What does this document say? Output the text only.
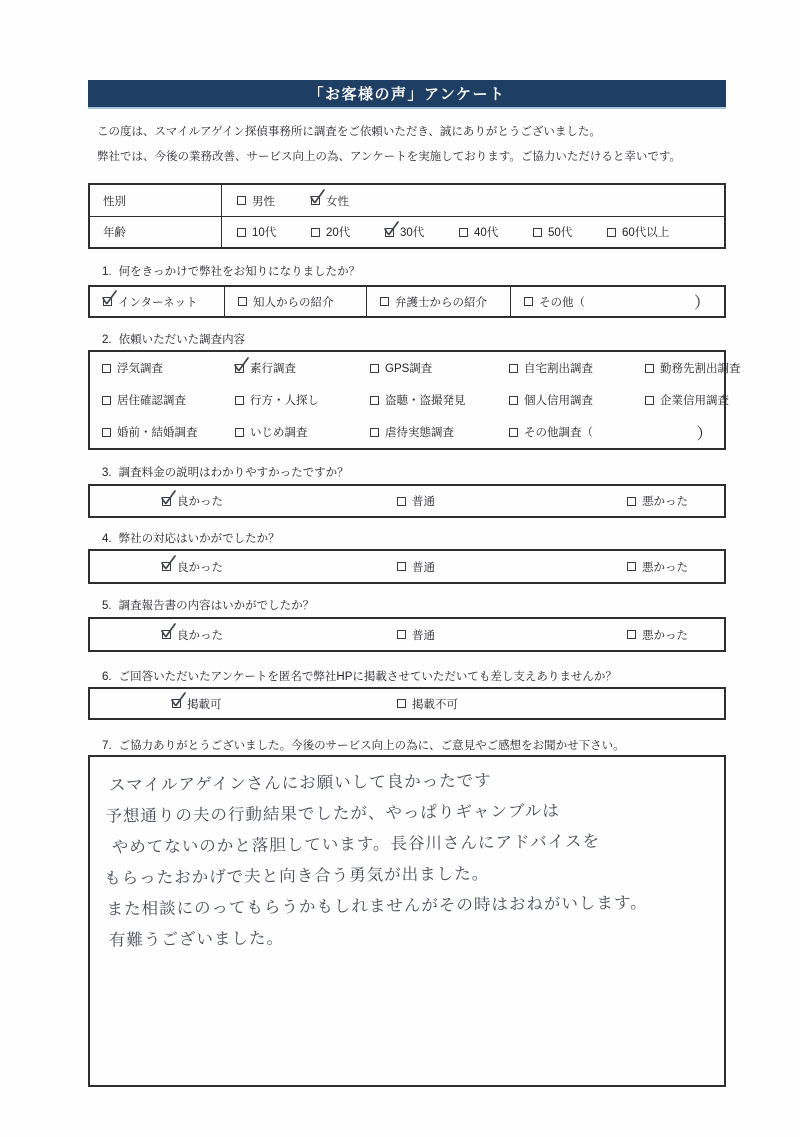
「お客様の声」アンケート
この度は、スマイルアゲイン探偵事務所に調査をご依頼いただき、誠にありがとうございました。
弊社では、今後の業務改善、サービス向上の為、アンケートを実施しております。ご協力いただけると幸いです。
性別	男性	女性
年齢	10代	20代	30代	40代	50代	60代以上
1. 何をきっかけで弊社をお知りになりましたか？
インターネット	知人からの紹介	弁護士からの紹介	その他（	）
2. 依頼いただいた調査内容
浮気調査	素行調査	GPS調査	自宅割出調査	勤務先割出調査
居住確認調査	行方・人探し	盗聴・盗撮発見	個人信用調査	企業信用調査
婚前・結婚調査	いじめ調査	虐待実態調査	その他調査（	）
3. 調査料金の説明はわかりやすかったですか？
良かった	普通	悪かった
4. 弊社の対応はいかがでしたか？
良かった	普通	悪かった
5. 調査報告書の内容はいかがでしたか？
良かった	普通	悪かった
6. ご回答いただいたアンケートを匿名で弊社HPに掲載させていただいても差し支えありませんか？
掲載可	掲載不可
7. ご協力ありがとうございました。今後のサービス向上の為に、ご意見やご感想をお聞かせ下さい。
スマイルアゲインさんにお願いして良かったです
予想通りの夫の行動結果でしたが、やっぱりギャンブルは
やめてないのかと落胆しています。長谷川さんにアドバイスを
もらったおかげで夫と向き合う勇気が出ました。
また相談にのってもらうかもしれませんがその時はおねがいします。
有難うございました。
